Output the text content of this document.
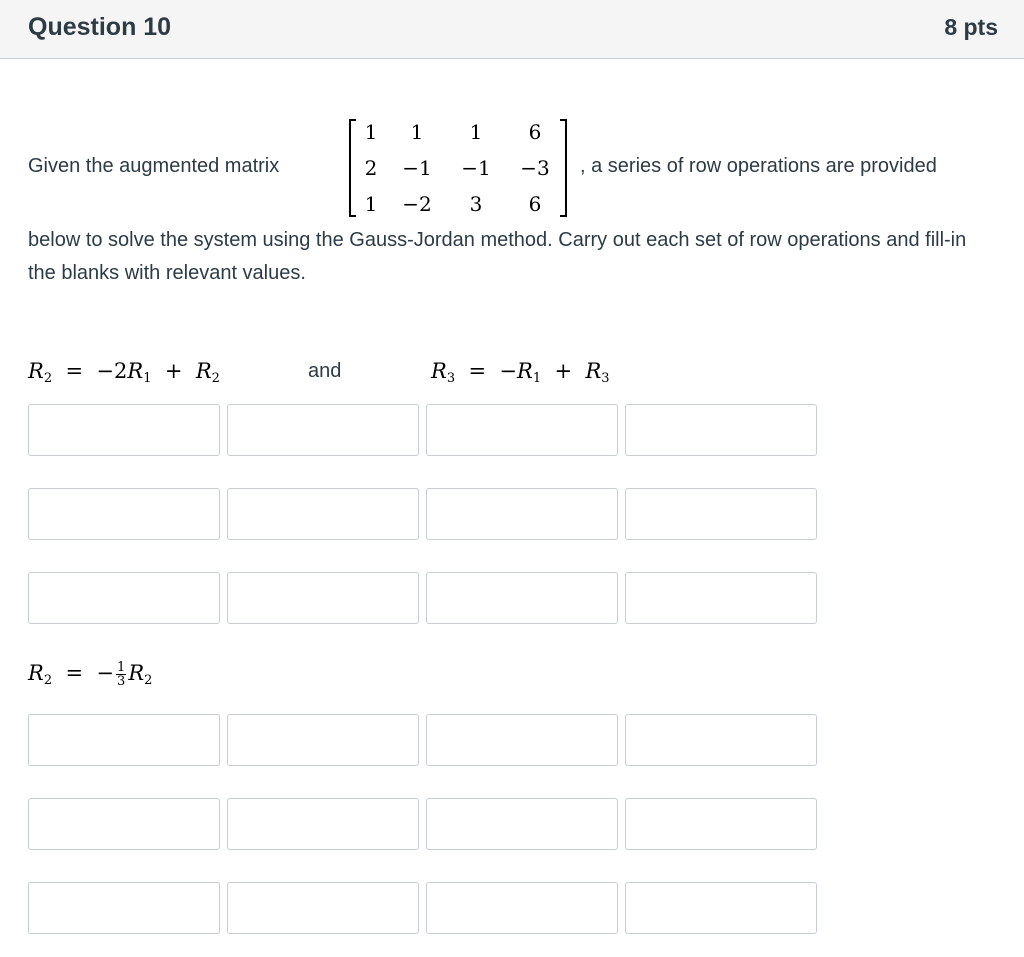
Question 10	8 pts
Given the augmented matrix
1	1	1	6
2	−1	−1	−3
1	−2	3	6
, a series of row operations are provided

below to solve the system using the Gauss-Jordan method. Carry out each set of row operations and fill-in the blanks with relevant values.

$R_2 = -2R_1 + R_2$	and	$R_3 = -R_1 + R_3$
$R_2$ = − $\frac{1}{3} R_2$
